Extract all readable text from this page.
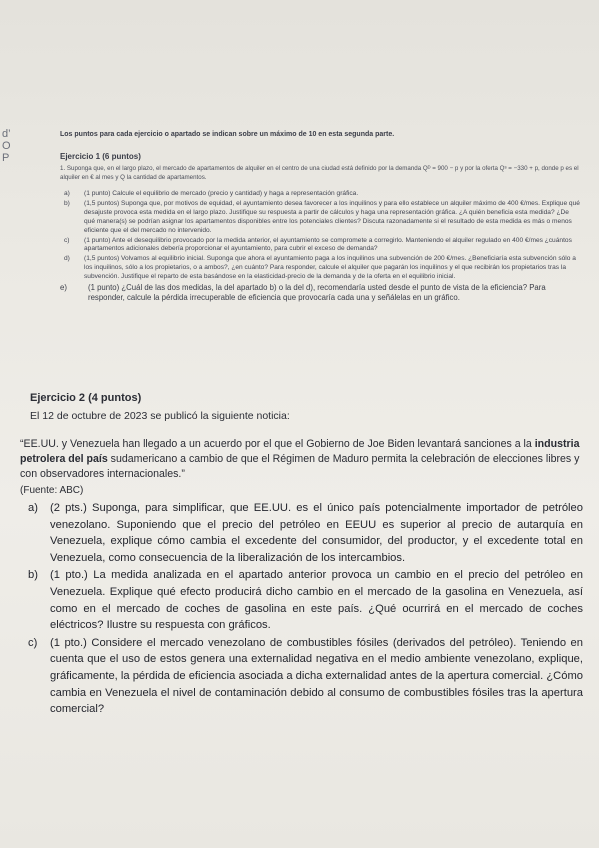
d’
O
P
Los puntos para cada ejercicio o apartado se indican sobre un máximo de 10 en esta segunda parte.
Ejercicio 1 (6 puntos)
1. Suponga que, en el largo plazo, el mercado de apartamentos de alquiler en el centro de una ciudad está definido por la demanda Qᴰ = 900 − p y por la oferta Qˢ = −330 + p, donde p es el alquiler en € al mes y Q la cantidad de apartamentos.
a)	(1 punto) Calcule el equilibrio de mercado (precio y cantidad) y haga a representación gráfica.
b)	(1,5 puntos) Suponga que, por motivos de equidad, el ayuntamiento desea favorecer a los inquilinos y para ello establece un alquiler máximo de 400 €/mes. Explique qué desajuste provoca esta medida en el largo plazo. Justifique su respuesta a partir de cálculos y haga una representación gráfica. ¿A quién beneficia esta medida? ¿De qué manera(s) se podrían asignar los apartamentos disponibles entre los potenciales clientes? Discuta razonadamente si el resultado de esta medida es más o menos eficiente que el del mercado no intervenido.
c)	(1 punto) Ante el desequilibrio provocado por la medida anterior, el ayuntamiento se compromete a corregirlo. Manteniendo el alquiler regulado en 400 €/mes ¿cuántos apartamentos adicionales debería proporcionar el ayuntamiento, para cubrir el exceso de demanda?
d)	(1,5 puntos) Volvamos al equilibrio inicial. Suponga que ahora el ayuntamiento paga a los inquilinos una subvención de 200 €/mes. ¿Beneficiaría esta subvención sólo a los inquilinos, sólo a los propietarios, o a ambos?, ¿en cuánto? Para responder, calcule el alquiler que pagarán los inquilinos y el que recibirán los propietarios tras la subvención. Justifique el reparto de esta basándose en la elasticidad-precio de la demanda y de la oferta en el equilibrio inicial.
e)	(1 punto) ¿Cuál de las dos medidas, la del apartado b) o la del d), recomendaría usted desde el punto de vista de la eficiencia? Para responder, calcule la pérdida irrecuperable de eficiencia que provocaría cada una y señálelas en un gráfico.
Ejercicio 2 (4 puntos)
El 12 de octubre de 2023 se publicó la siguiente noticia:
“EE.UU. y Venezuela han llegado a un acuerdo por el que el Gobierno de Joe Biden levantará sanciones a la industria petrolera del país sudamericano a cambio de que el Régimen de Maduro permita la celebración de elecciones libres y con observadores internacionales.”
(Fuente: ABC)
a)	(2 pts.) Suponga, para simplificar, que EE.UU. es el único país potencialmente importador de petróleo venezolano. Suponiendo que el precio del petróleo en EEUU es superior al precio de autarquía en Venezuela, explique cómo cambia el excedente del consumidor, del productor, y el excedente total en Venezuela, como consecuencia de la liberalización de los intercambios.
b)	(1 pto.) La medida analizada en el apartado anterior provoca un cambio en el precio del petróleo en Venezuela. Explique qué efecto producirá dicho cambio en el mercado de la gasolina en Venezuela, así como en el mercado de coches de gasolina en este país. ¿Qué ocurrirá en el mercado de coches eléctricos? Ilustre su respuesta con gráficos.
c)	(1 pto.) Considere el mercado venezolano de combustibles fósiles (derivados del petróleo). Teniendo en cuenta que el uso de estos genera una externalidad negativa en el medio ambiente venezolano, explique, gráficamente, la pérdida de eficiencia asociada a dicha externalidad antes de la apertura comercial. ¿Cómo cambia en Venezuela el nivel de contaminación debido al consumo de combustibles fósiles tras la apertura comercial?
